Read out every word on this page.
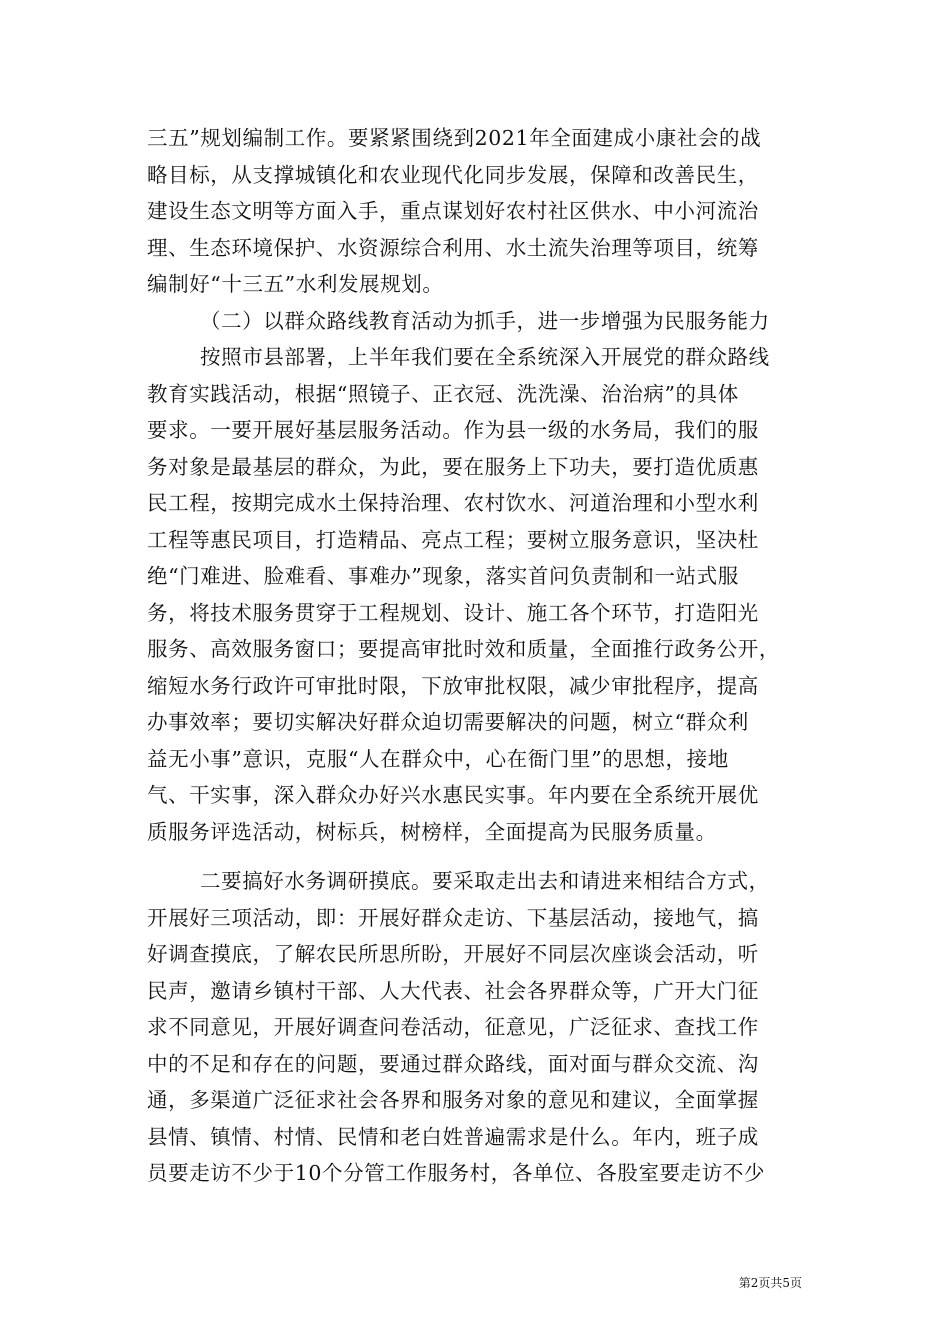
三五”规划编制工作。要紧紧围绕到2021年全面建成小康社会的战
略目标，从支撑城镇化和农业现代化同步发展，保障和改善民生，
建设生态文明等方面入手，重点谋划好农村社区供水、中小河流治
理、生态环境保护、水资源综合利用、水土流失治理等项目，统筹
编制好“十三五”水利发展规划。
（二）以群众路线教育活动为抓手，进一步增强为民服务能力
按照市县部署，上半年我们要在全系统深入开展党的群众路线
教育实践活动，根据“照镜子、正衣冠、洗洗澡、治治病”的具体
要求。一要开展好基层服务活动。作为县一级的水务局，我们的服
务对象是最基层的群众，为此，要在服务上下功夫，要打造优质惠
民工程，按期完成水土保持治理、农村饮水、河道治理和小型水利
工程等惠民项目，打造精品、亮点工程；要树立服务意识，坚决杜
绝“门难进、脸难看、事难办”现象，落实首问负责制和一站式服
务，将技术服务贯穿于工程规划、设计、施工各个环节，打造阳光
服务、高效服务窗口；要提高审批时效和质量，全面推行政务公开，
缩短水务行政许可审批时限，下放审批权限，减少审批程序，提高
办事效率；要切实解决好群众迫切需要解决的问题，树立“群众利
益无小事”意识，克服“人在群众中，心在衙门里”的思想，接地
气、干实事，深入群众办好兴水惠民实事。年内要在全系统开展优
质服务评选活动，树标兵，树榜样，全面提高为民服务质量。
二要搞好水务调研摸底。要采取走出去和请进来相结合方式，
开展好三项活动，即：开展好群众走访、下基层活动，接地气，搞
好调查摸底，了解农民所思所盼，开展好不同层次座谈会活动，听
民声，邀请乡镇村干部、人大代表、社会各界群众等，广开大门征
求不同意见，开展好调查问卷活动，征意见，广泛征求、查找工作
中的不足和存在的问题，要通过群众路线，面对面与群众交流、沟
通，多渠道广泛征求社会各界和服务对象的意见和建议，全面掌握
县情、镇情、村情、民情和老白姓普遍需求是什么。年内，班子成
员要走访不少于10个分管工作服务村，各单位、各股室要走访不少
第2页共5页
